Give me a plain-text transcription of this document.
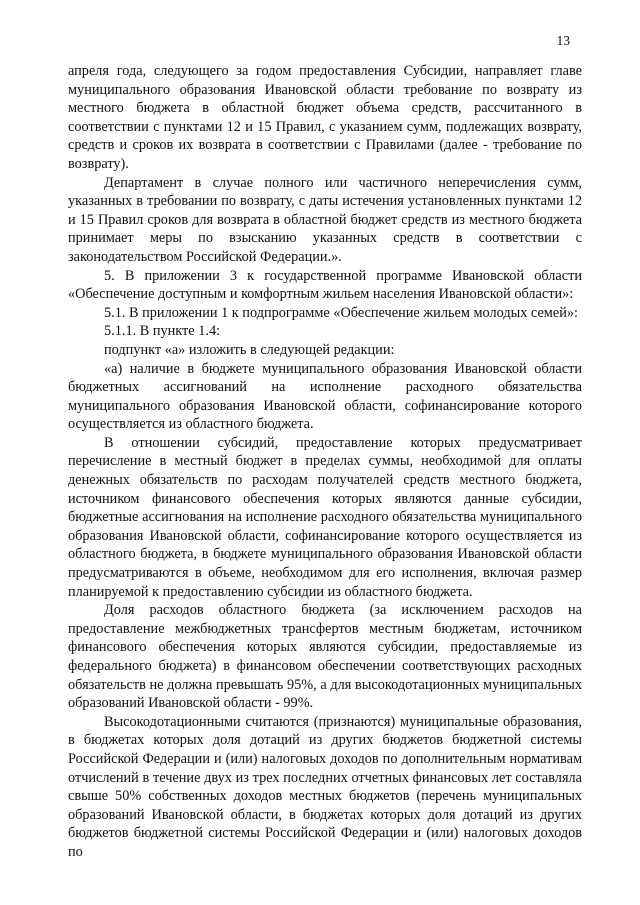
13

апреля года, следующего за годом предоставления Субсидии, направляет главе муниципального образования Ивановской области требование по возврату из местного бюджета в областной бюджет объема средств, рассчитанного в соответствии с пунктами 12 и 15 Правил, с указанием сумм, подлежащих возврату, средств и сроков их возврата в соответствии с Правилами (далее - требование по возврату).

Департамент в случае полного или частичного неперечисления сумм, указанных в требовании по возврату, с даты истечения установленных пунктами 12 и 15 Правил сроков для возврата в областной бюджет средств из местного бюджета принимает меры по взысканию указанных средств в соответствии с законодательством Российской Федерации.».

5. В приложении 3 к государственной программе Ивановской области «Обеспечение доступным и комфортным жильем населения Ивановской области»:

5.1. В приложении 1 к подпрограмме «Обеспечение жильем молодых семей»:

5.1.1. В пункте 1.4:

подпункт «а» изложить в следующей редакции:

«а) наличие в бюджете муниципального образования Ивановской области бюджетных ассигнований на исполнение расходного обязательства муниципального образования Ивановской области, софинансирование которого осуществляется из областного бюджета.

В отношении субсидий, предоставление которых предусматривает перечисление в местный бюджет в пределах суммы, необходимой для оплаты денежных обязательств по расходам получателей средств местного бюджета, источником финансового обеспечения которых являются данные субсидии, бюджетные ассигнования на исполнение расходного обязательства муниципального образования Ивановской области, софинансирование которого осуществляется из областного бюджета, в бюджете муниципального образования Ивановской области предусматриваются в объеме, необходимом для его исполнения, включая размер планируемой к предоставлению субсидии из областного бюджета.

Доля расходов областного бюджета (за исключением расходов на предоставление межбюджетных трансфертов местным бюджетам, источником финансового обеспечения которых являются субсидии, предоставляемые из федерального бюджета) в финансовом обеспечении соответствующих расходных обязательств не должна превышать 95%, а для высокодотационных муниципальных образований Ивановской области - 99%.

Высокодотационными считаются (признаются) муниципальные образования, в бюджетах которых доля дотаций из других бюджетов бюджетной системы Российской Федерации и (или) налоговых доходов по дополнительным нормативам отчислений в течение двух из трех последних отчетных финансовых лет составляла свыше 50% собственных доходов местных бюджетов (перечень муниципальных образований Ивановской области, в бюджетах которых доля дотаций из других бюджетов бюджетной системы Российской Федерации и (или) налоговых доходов по
